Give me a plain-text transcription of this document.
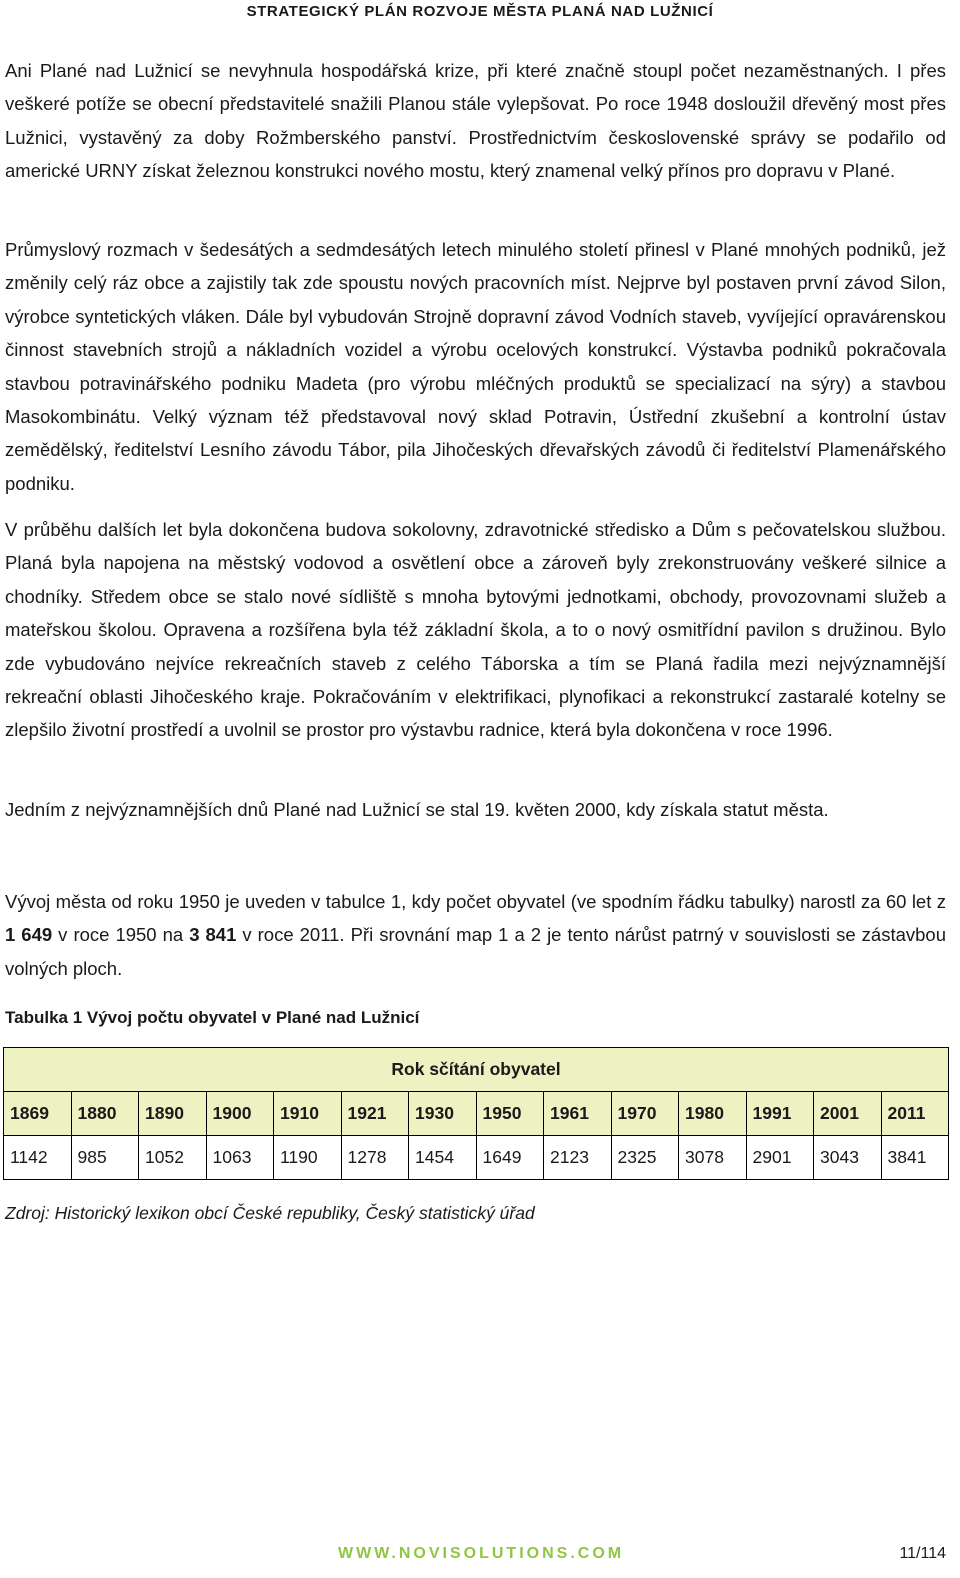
STRATEGICKÝ PLÁN ROZVOJE MĚSTA PLANÁ NAD LUŽNICÍ

Ani Plané nad Lužnicí se nevyhnula hospodářská krize, při které značně stoupl počet nezaměstnaných. I přes veškeré potíže se obecní představitelé snažili Planou stále vylepšovat. Po roce 1948 dosloužil dřevěný most přes Lužnici, vystavěný za doby Rožmberského panství. Prostřednictvím československé správy se podařilo od americké URNY získat železnou konstrukci nového mostu, který znamenal velký přínos pro dopravu v Plané.

Průmyslový rozmach v šedesátých a sedmdesátých letech minulého století přinesl v Plané mnohých podniků, jež změnily celý ráz obce a zajistily tak zde spoustu nových pracovních míst. Nejprve byl postaven první závod Silon, výrobce syntetických vláken. Dále byl vybudován Strojně dopravní závod Vodních staveb, vyvíjející opravárenskou činnost stavebních strojů a nákladních vozidel a výrobu ocelových konstrukcí. Výstavba podniků pokračovala stavbou potravinářského podniku Madeta (pro výrobu mléčných produktů se specializací na sýry) a stavbou Masokombinátu. Velký význam též představoval nový sklad Potravin, Ústřední zkušební a kontrolní ústav zemědělský, ředitelství Lesního závodu Tábor, pila Jihočeských dřevařských závodů či ředitelství Plamenářského podniku.

V průběhu dalších let byla dokončena budova sokolovny, zdravotnické středisko a Dům s pečovatelskou službou. Planá byla napojena na městský vodovod a osvětlení obce a zároveň byly zrekonstruovány veškeré silnice a chodníky. Středem obce se stalo nové sídliště s mnoha bytovými jednotkami, obchody, provozovnami služeb a mateřskou školou. Opravena a rozšířena byla též základní škola, a to o nový osmitřídní pavilon s družinou. Bylo zde vybudováno nejvíce rekreačních staveb z celého Táborska a tím se Planá řadila mezi nejvýznamnější rekreační oblasti Jihočeského kraje. Pokračováním v elektrifikaci, plynofikaci a rekonstrukcí zastaralé kotelny se zlepšilo životní prostředí a uvolnil se prostor pro výstavbu radnice, která byla dokončena v roce 1996.

Jedním z nejvýznamnějších dnů Plané nad Lužnicí se stal 19. květen 2000, kdy získala statut města.

Vývoj města od roku 1950 je uveden v tabulce 1, kdy počet obyvatel (ve spodním řádku tabulky) narostl za 60 let z 1 649 v roce 1950 na 3 841 v roce 2011. Při srovnání map 1 a 2 je tento nárůst patrný v souvislosti se zástavbou volných ploch.

Tabulka 1 Vývoj počtu obyvatel v Plané nad Lužnicí
Rok sčítání obyvatel													
1869	1880	1890	1900	1910	1921	1930	1950	1961	1970	1980	1991	2001	2011
1142	985	1052	1063	1190	1278	1454	1649	2123	2325	3078	2901	3043	3841
Zdroj: Historický lexikon obcí České republiky, Český statistický úřad
WWW.NOVISOLUTIONS.COM	11/114
